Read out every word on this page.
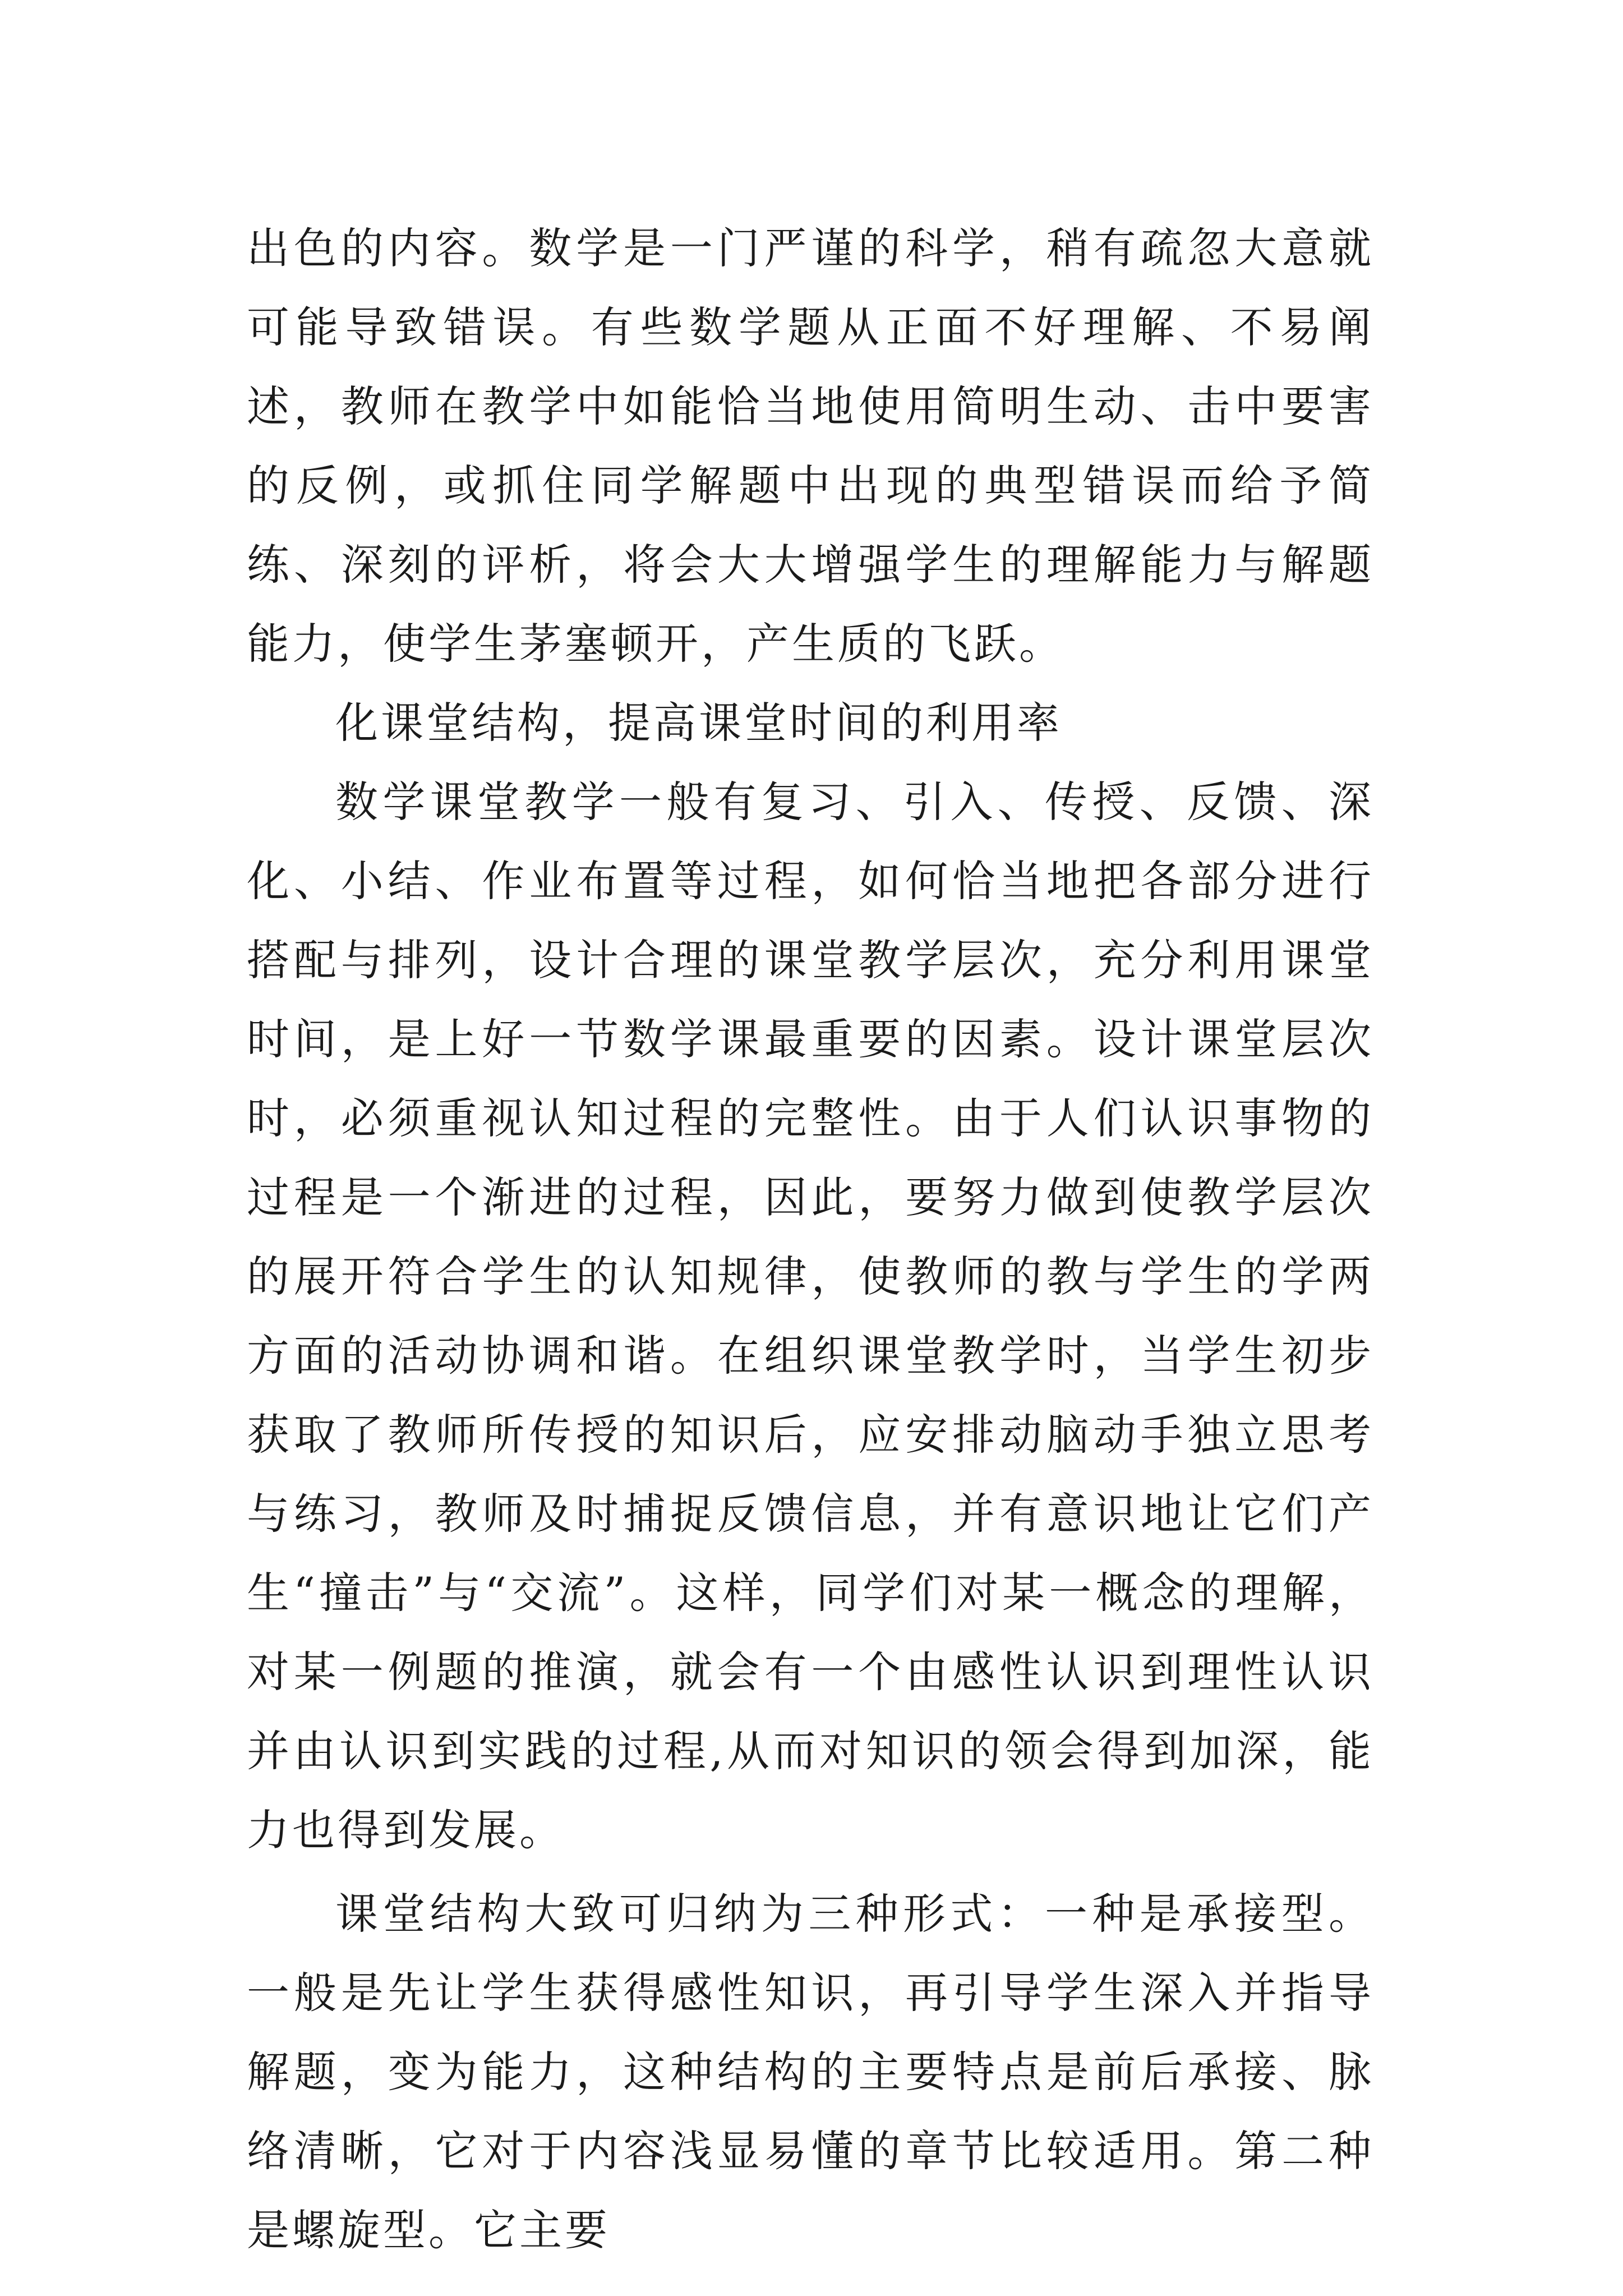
出色的内容。数学是一门严谨的科学，稍有疏忽大意就可能导致错误。有些数学题从正面不好理解、不易阐述，教师在教学中如能恰当地使用简明生动、击中要害的反例，或抓住同学解题中出现的典型错误而给予简练、深刻的评析，将会大大增强学生的理解能力与解题能力，使学生茅塞顿开，产生质的飞跃。

化课堂结构，提高课堂时间的利用率

数学课堂教学一般有复习、引入、传授、反馈、深化、小结、作业布置等过程，如何恰当地把各部分进行搭配与排列，设计合理的课堂教学层次，充分利用课堂时间，是上好一节数学课最重要的因素。设计课堂层次时，必须重视认知过程的完整性。由于人们认识事物的过程是一个渐进的过程，因此，要努力做到使教学层次的展开符合学生的认知规律，使教师的教与学生的学两方面的活动协调和谐。在组织课堂教学时，当学生初步获取了教师所传授的知识后，应安排动脑动手独立思考与练习，教师及时捕捉反馈信息，并有意识地让它们产生“撞击”与“交流”。这样，同学们对某一概念的理解，对某一例题的推演，就会有一个由感性认识到理性认识并由认识到实践的过程,从而对知识的领会得到加深，能力也得到发展。

课堂结构大致可归纳为三种形式：一种是承接型。一般是先让学生获得感性知识，再引导学生深入并指导解题，变为能力，这种结构的主要特点是前后承接、脉络清晰，它对于内容浅显易懂的章节比较适用。第二种是螺旋型。它主要
